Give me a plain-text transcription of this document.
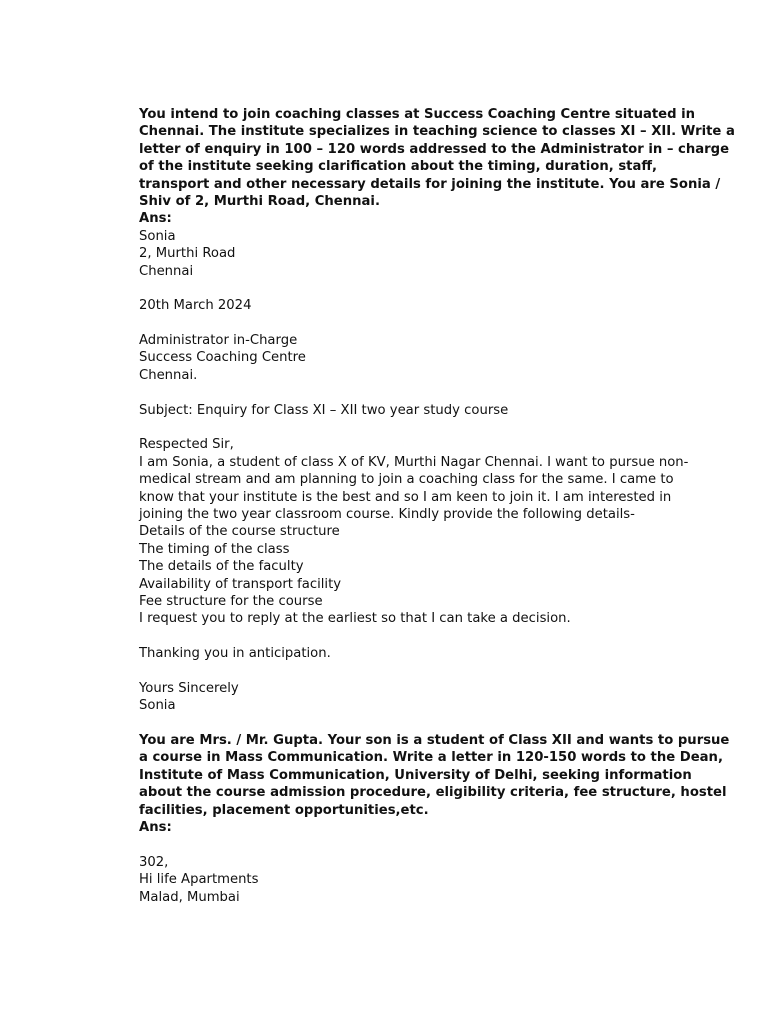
You intend to join coaching classes at Success Coaching Centre situated in
Chennai. The institute specializes in teaching science to classes XI – XII. Write a
letter of enquiry in 100 – 120 words addressed to the Administrator in – charge
of the institute seeking clarification about the timing, duration, staff,
transport and other necessary details for joining the institute. You are Sonia /
Shiv of 2, Murthi Road, Chennai.
Ans:
Sonia
2, Murthi Road
Chennai
20th March 2024
Administrator in-Charge
Success Coaching Centre
Chennai.
Subject: Enquiry for Class XI – XII two year study course
Respected Sir,
I am Sonia, a student of class X of KV, Murthi Nagar Chennai. I want to pursue non-
medical stream and am planning to join a coaching class for the same. I came to
know that your institute is the best and so I am keen to join it. I am interested in
joining the two year classroom course. Kindly provide the following details-
Details of the course structure
The timing of the class
The details of the faculty
Availability of transport facility
Fee structure for the course
I request you to reply at the earliest so that I can take a decision.
Thanking you in anticipation.
Yours Sincerely
Sonia
You are Mrs. / Mr. Gupta. Your son is a student of Class XII and wants to pursue
a course in Mass Communication. Write a letter in 120-150 words to the Dean,
Institute of Mass Communication, University of Delhi, seeking information
about the course admission procedure, eligibility criteria, fee structure, hostel
facilities, placement opportunities,etc.
Ans:
302,
Hi life Apartments
Malad, Mumbai
